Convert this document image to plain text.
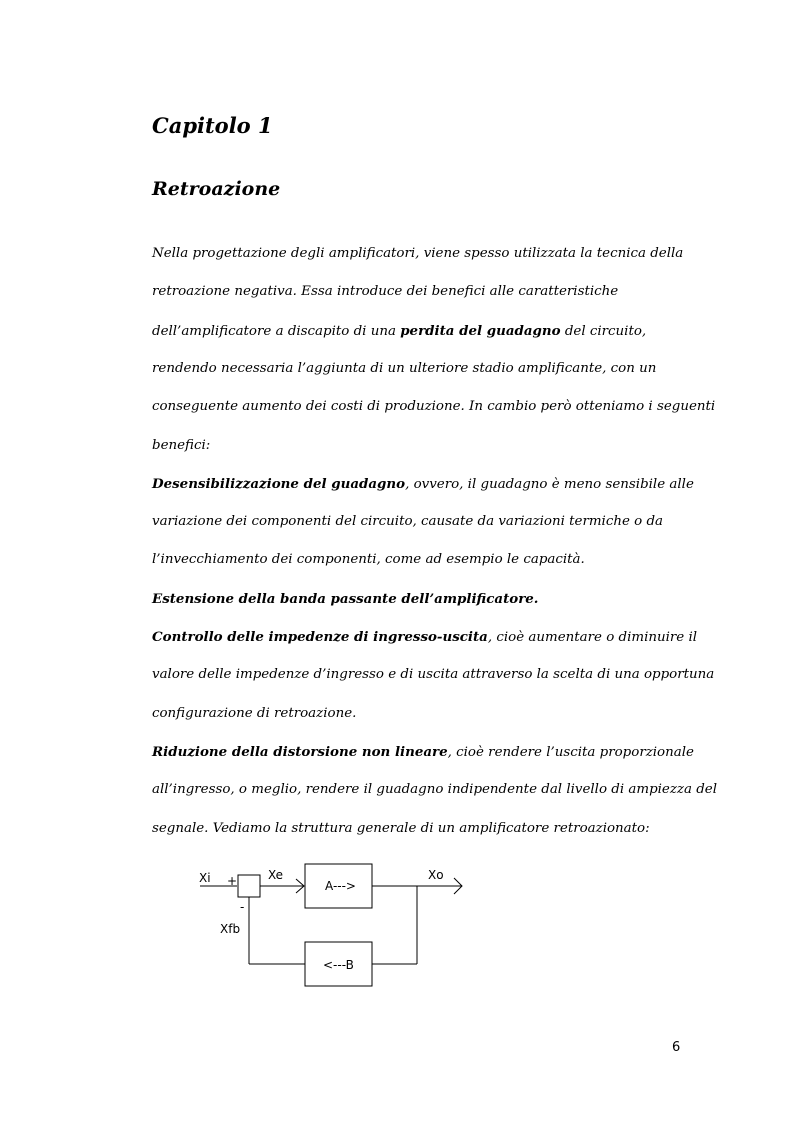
Capitolo 1
Retroazione
Nella progettazione degli amplificatori, viene spesso utilizzata la tecnica della
retroazione negativa. Essa introduce dei benefici alle caratteristiche
dell’amplificatore a discapito di una perdita del guadagno del circuito,
rendendo necessaria l’aggiunta di un ulteriore stadio amplificante, con un
conseguente aumento dei costi di produzione. In cambio però otteniamo i seguenti
benefici:
Desensibilizzazione del guadagno, ovvero, il guadagno è meno sensibile alle
variazione dei componenti del circuito, causate da variazioni termiche o da
l’invecchiamento dei componenti, come ad esempio le capacità.
Estensione della banda passante dell’amplificatore.
Controllo delle impedenze di ingresso-uscita, cioè aumentare o diminuire il
valore delle impedenze d’ingresso e di uscita attraverso la scelta di una opportuna
configurazione di retroazione.
Riduzione della distorsione non lineare, cioè rendere l’uscita proporzionale
all’ingresso, o meglio, rendere il guadagno indipendente dal livello di ampiezza del
segnale. Vediamo la struttura generale di un amplificatore retroazionato:
Xi +
-
Xe
A--->
Xo
Xfb
<---B
6
